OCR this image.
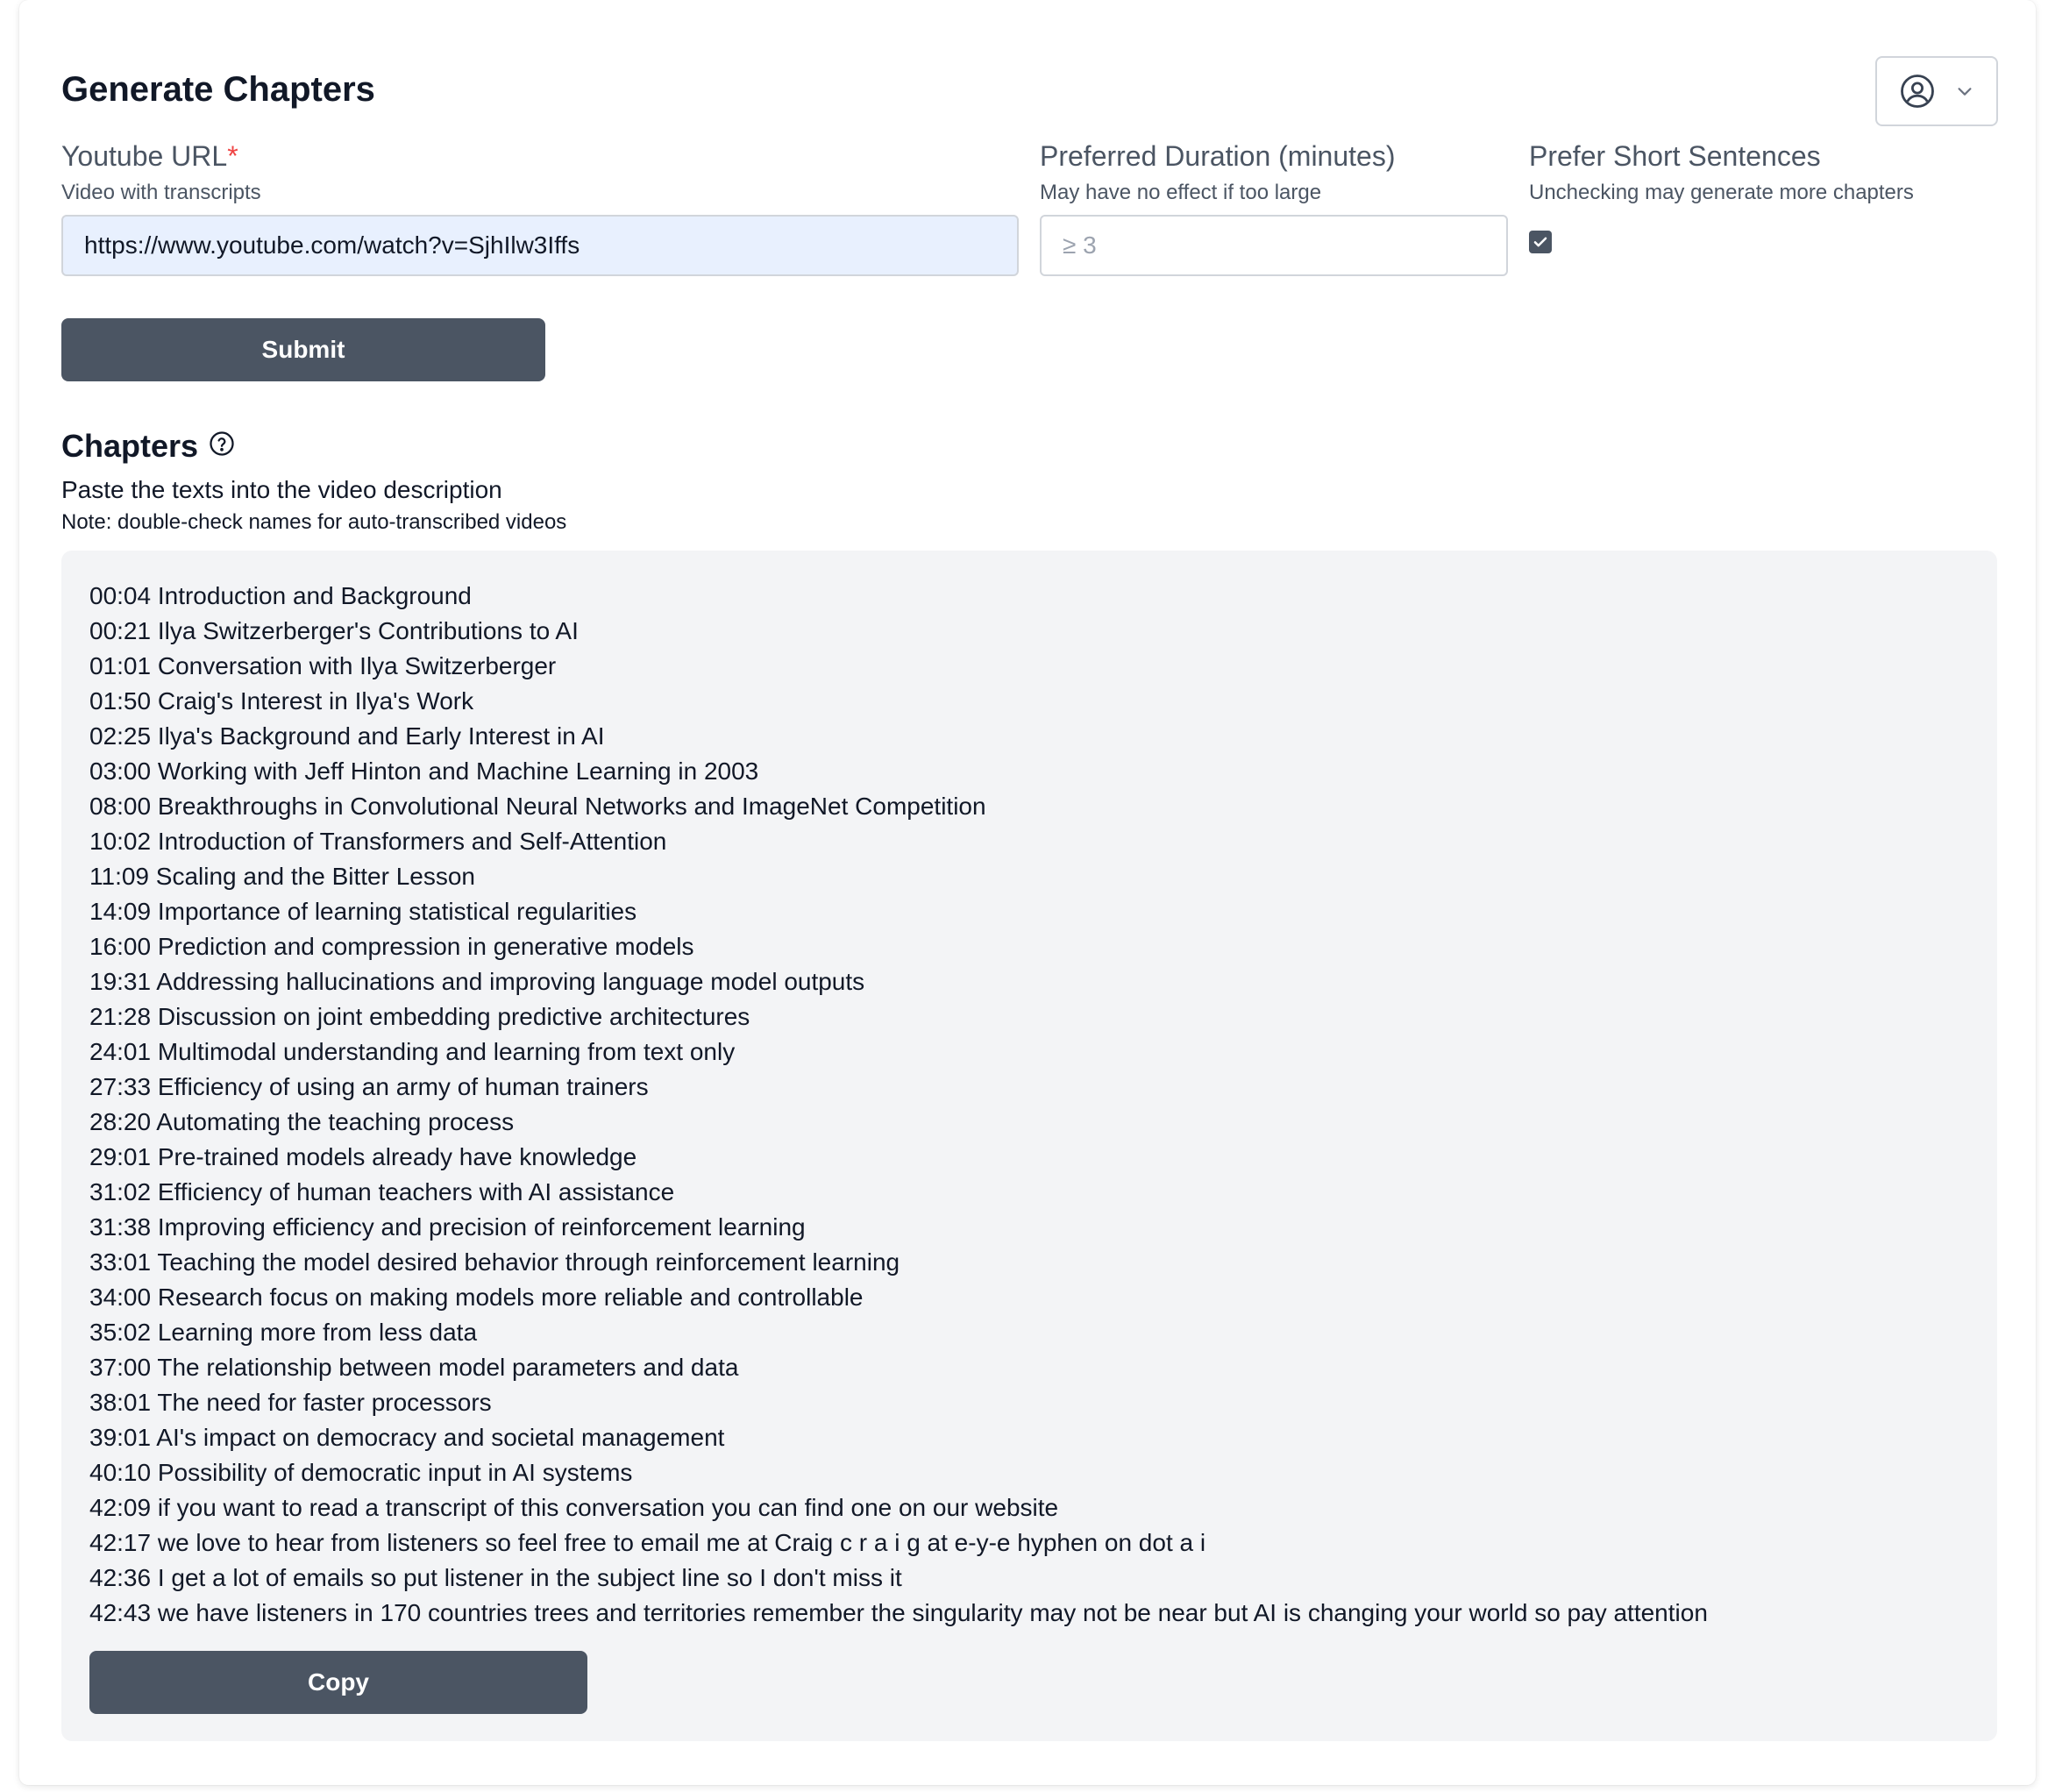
Generate Chapters
Youtube URL*
Video with transcripts
https://www.youtube.com/watch?v=SjhIlw3Iffs
Preferred Duration (minutes)
May have no effect if too large
≥ 3
Prefer Short Sentences
Unchecking may generate more chapters
Submit
Chapters
Paste the texts into the video description
Note: double-check names for auto-transcribed videos
00:04 Introduction and Background
00:21 Ilya Switzerberger's Contributions to AI
01:01 Conversation with Ilya Switzerberger
01:50 Craig's Interest in Ilya's Work
02:25 Ilya's Background and Early Interest in AI
03:00 Working with Jeff Hinton and Machine Learning in 2003
08:00 Breakthroughs in Convolutional Neural Networks and ImageNet Competition
10:02 Introduction of Transformers and Self-Attention
11:09 Scaling and the Bitter Lesson
14:09 Importance of learning statistical regularities
16:00 Prediction and compression in generative models
19:31 Addressing hallucinations and improving language model outputs
21:28 Discussion on joint embedding predictive architectures
24:01 Multimodal understanding and learning from text only
27:33 Efficiency of using an army of human trainers
28:20 Automating the teaching process
29:01 Pre-trained models already have knowledge
31:02 Efficiency of human teachers with AI assistance
31:38 Improving efficiency and precision of reinforcement learning
33:01 Teaching the model desired behavior through reinforcement learning
34:00 Research focus on making models more reliable and controllable
35:02 Learning more from less data
37:00 The relationship between model parameters and data
38:01 The need for faster processors
39:01 AI's impact on democracy and societal management
40:10 Possibility of democratic input in AI systems
42:09 if you want to read a transcript of this conversation you can find one on our website
42:17 we love to hear from listeners so feel free to email me at Craig c r a i g at e-y-e hyphen on dot a i
42:36 I get a lot of emails so put listener in the subject line so I don't miss it
42:43 we have listeners in 170 countries trees and territories remember the singularity may not be near but AI is changing your world so pay attention
Copy
